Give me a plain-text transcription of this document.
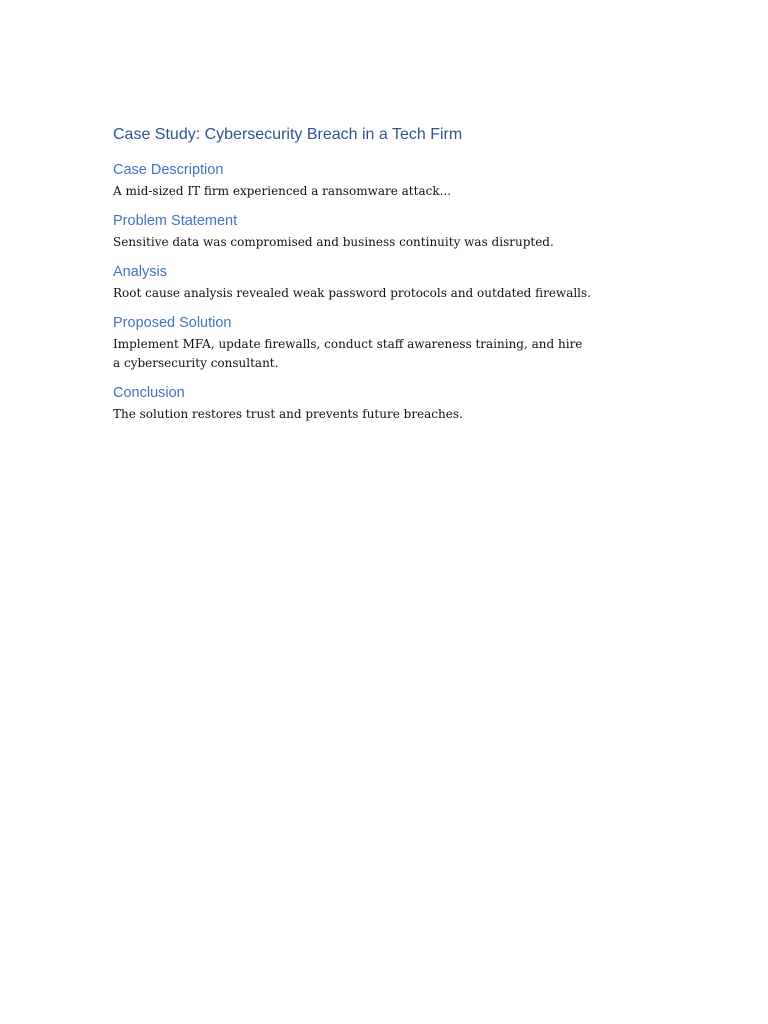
Case Study: Cybersecurity Breach in a Tech Firm
Case Description

A mid-sized IT firm experienced a ransomware attack...

Problem Statement

Sensitive data was compromised and business continuity was disrupted.

Analysis

Root cause analysis revealed weak password protocols and outdated firewalls.

Proposed Solution

Implement MFA, update firewalls, conduct staff awareness training, and hire a cybersecurity consultant.

Conclusion

The solution restores trust and prevents future breaches.
